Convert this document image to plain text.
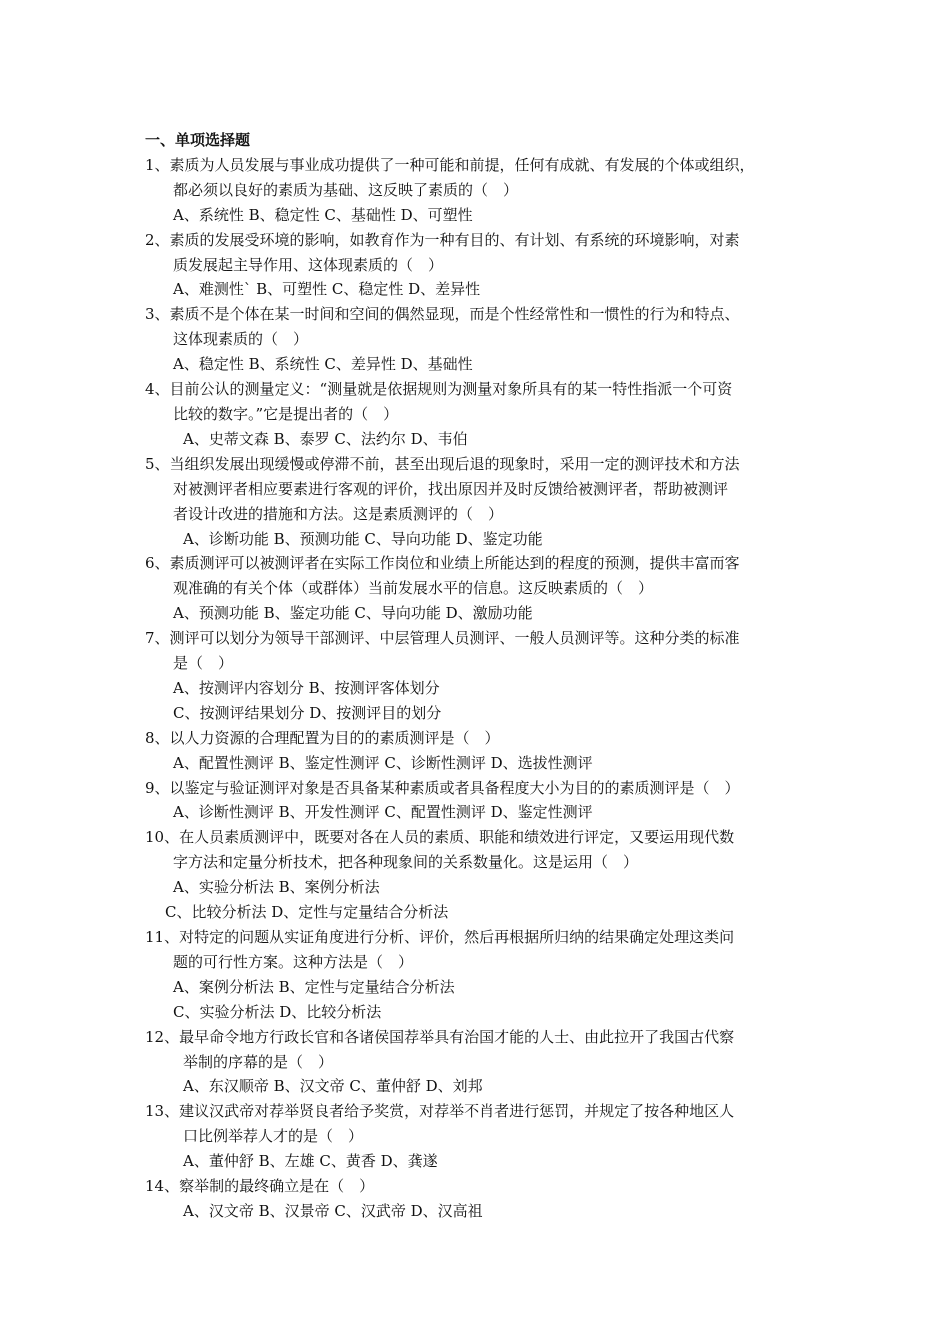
一、单项选择题
1、素质为人员发展与事业成功提供了一种可能和前提，任何有成就、有发展的个体或组织，
都必须以良好的素质为基础、这反映了素质的（　）
A、系统性 B、稳定性 C、基础性 D、可塑性
2、素质的发展受环境的影响，如教育作为一种有目的、有计划、有系统的环境影响，对素
质发展起主导作用、这体现素质的（　）
A、难测性` B、可塑性 C、稳定性 D、差异性
3、素质不是个体在某一时间和空间的偶然显现，而是个性经常性和一惯性的行为和特点、
这体现素质的（　）
A、稳定性 B、系统性 C、差异性 D、基础性
4、目前公认的测量定义：“测量就是依据规则为测量对象所具有的某一特性指派一个可资
比较的数字。”它是提出者的（　）
A、史蒂文森 B、泰罗 C、法约尔 D、韦伯
5、当组织发展出现缓慢或停滞不前，甚至出现后退的现象时，采用一定的测评技术和方法
对被测评者相应要素进行客观的评价，找出原因并及时反馈给被测评者，帮助被测评
者设计改进的措施和方法。这是素质测评的（　）
A、诊断功能 B、预测功能 C、导向功能 D、鉴定功能
6、素质测评可以被测评者在实际工作岗位和业绩上所能达到的程度的预测，提供丰富而客
观准确的有关个体（或群体）当前发展水平的信息。这反映素质的（　）
A、预测功能 B、鉴定功能 C、导向功能 D、激励功能
7、测评可以划分为领导干部测评、中层管理人员测评、一般人员测评等。这种分类的标准
是（　）
A、按测评内容划分 B、按测评客体划分
C、按测评结果划分 D、按测评目的划分
8、以人力资源的合理配置为目的的素质测评是（　）
A、配置性测评 B、鉴定性测评 C、诊断性测评 D、选拔性测评
9、以鉴定与验证测评对象是否具备某种素质或者具备程度大小为目的的素质测评是（　）
A、诊断性测评 B、开发性测评 C、配置性测评 D、鉴定性测评
10、在人员素质测评中，既要对各在人员的素质、职能和绩效进行评定，又要运用现代数
字方法和定量分析技术，把各种现象间的关系数量化。这是运用（　）
A、实验分析法 B、案例分析法
C、比较分析法 D、定性与定量结合分析法
11、对特定的问题从实证角度进行分析、评价，然后再根据所归纳的结果确定处理这类问
题的可行性方案。这种方法是（　）
A、案例分析法 B、定性与定量结合分析法
C、实验分析法 D、比较分析法
12、最早命令地方行政长官和各诸侯国荐举具有治国才能的人士、由此拉开了我国古代察
举制的序幕的是（　）
A、东汉顺帝 B、汉文帝 C、董仲舒 D、刘邦
13、建议汉武帝对荐举贤良者给予奖赏，对荐举不肖者进行惩罚，并规定了按各种地区人
口比例举荐人才的是（　）
A、董仲舒 B、左雄 C、黄香 D、龚遂
14、察举制的最终确立是在（　）
A、汉文帝 B、汉景帝 C、汉武帝 D、汉高祖
